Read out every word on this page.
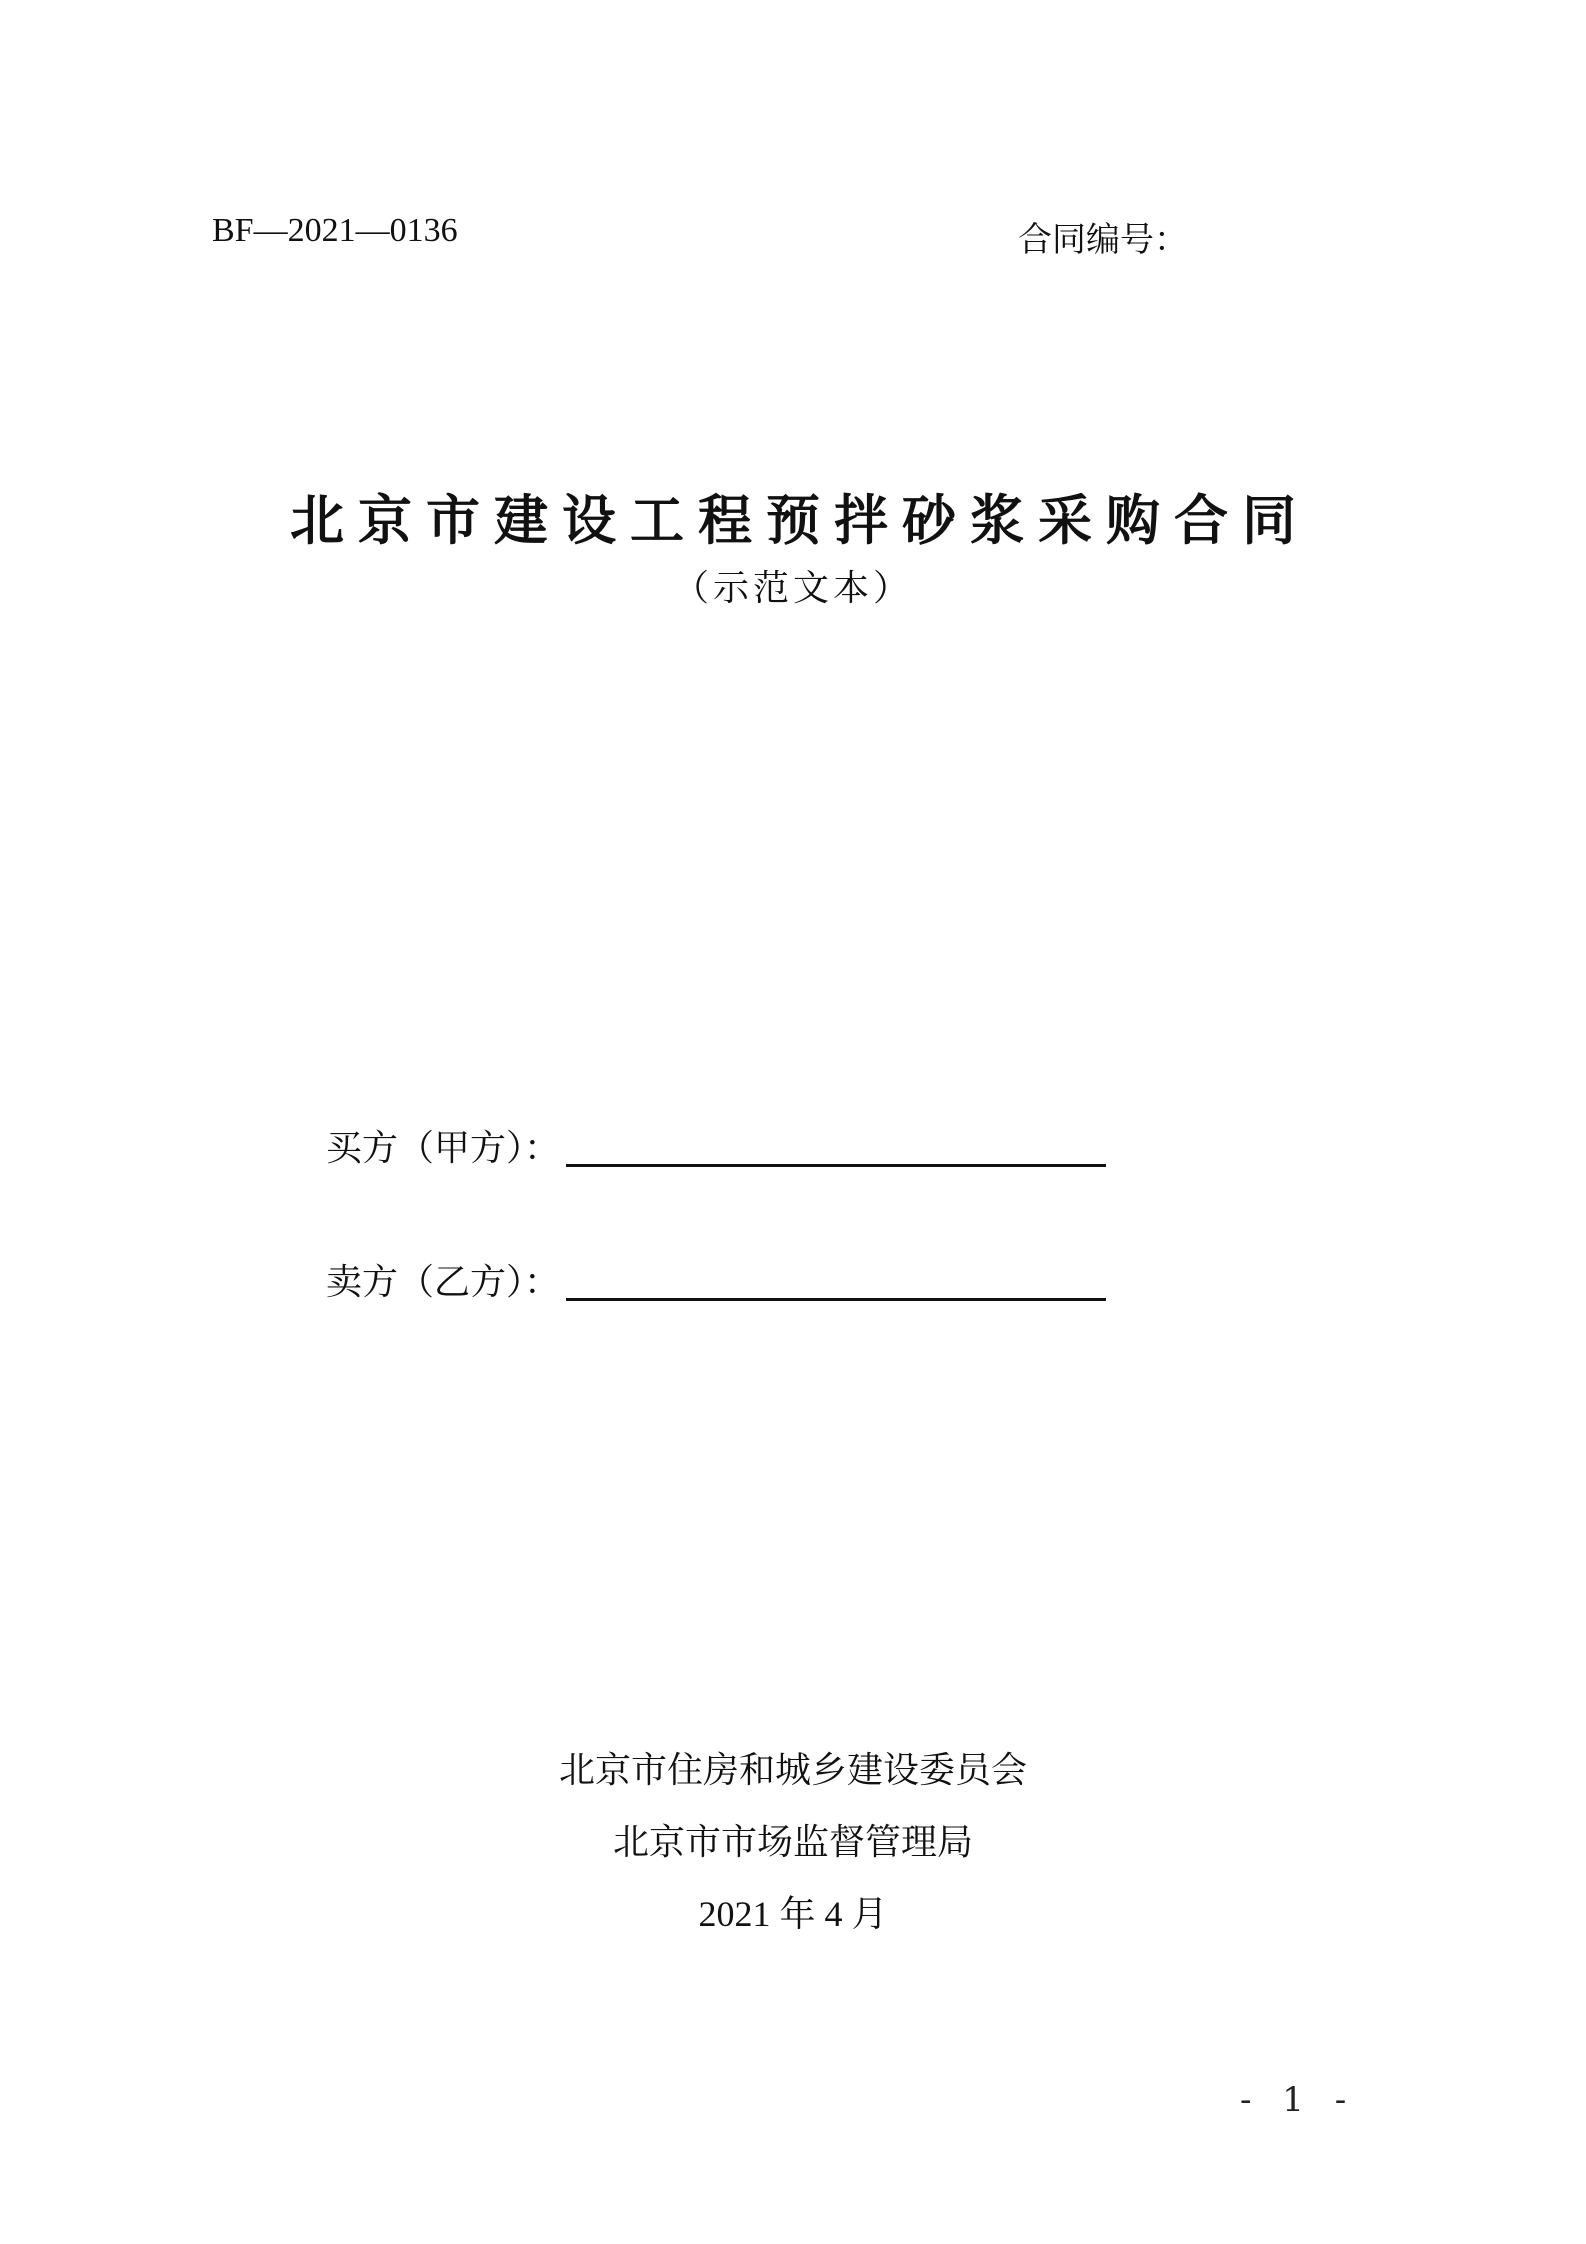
BF—2021—0136	合同编号：
北京市建设工程预拌砂浆采购合同
（示范文本）
买方（甲方）：
卖方（乙方）：
北京市住房和城乡建设委员会
北京市市场监督管理局
2021 年 4 月
- 1 -
